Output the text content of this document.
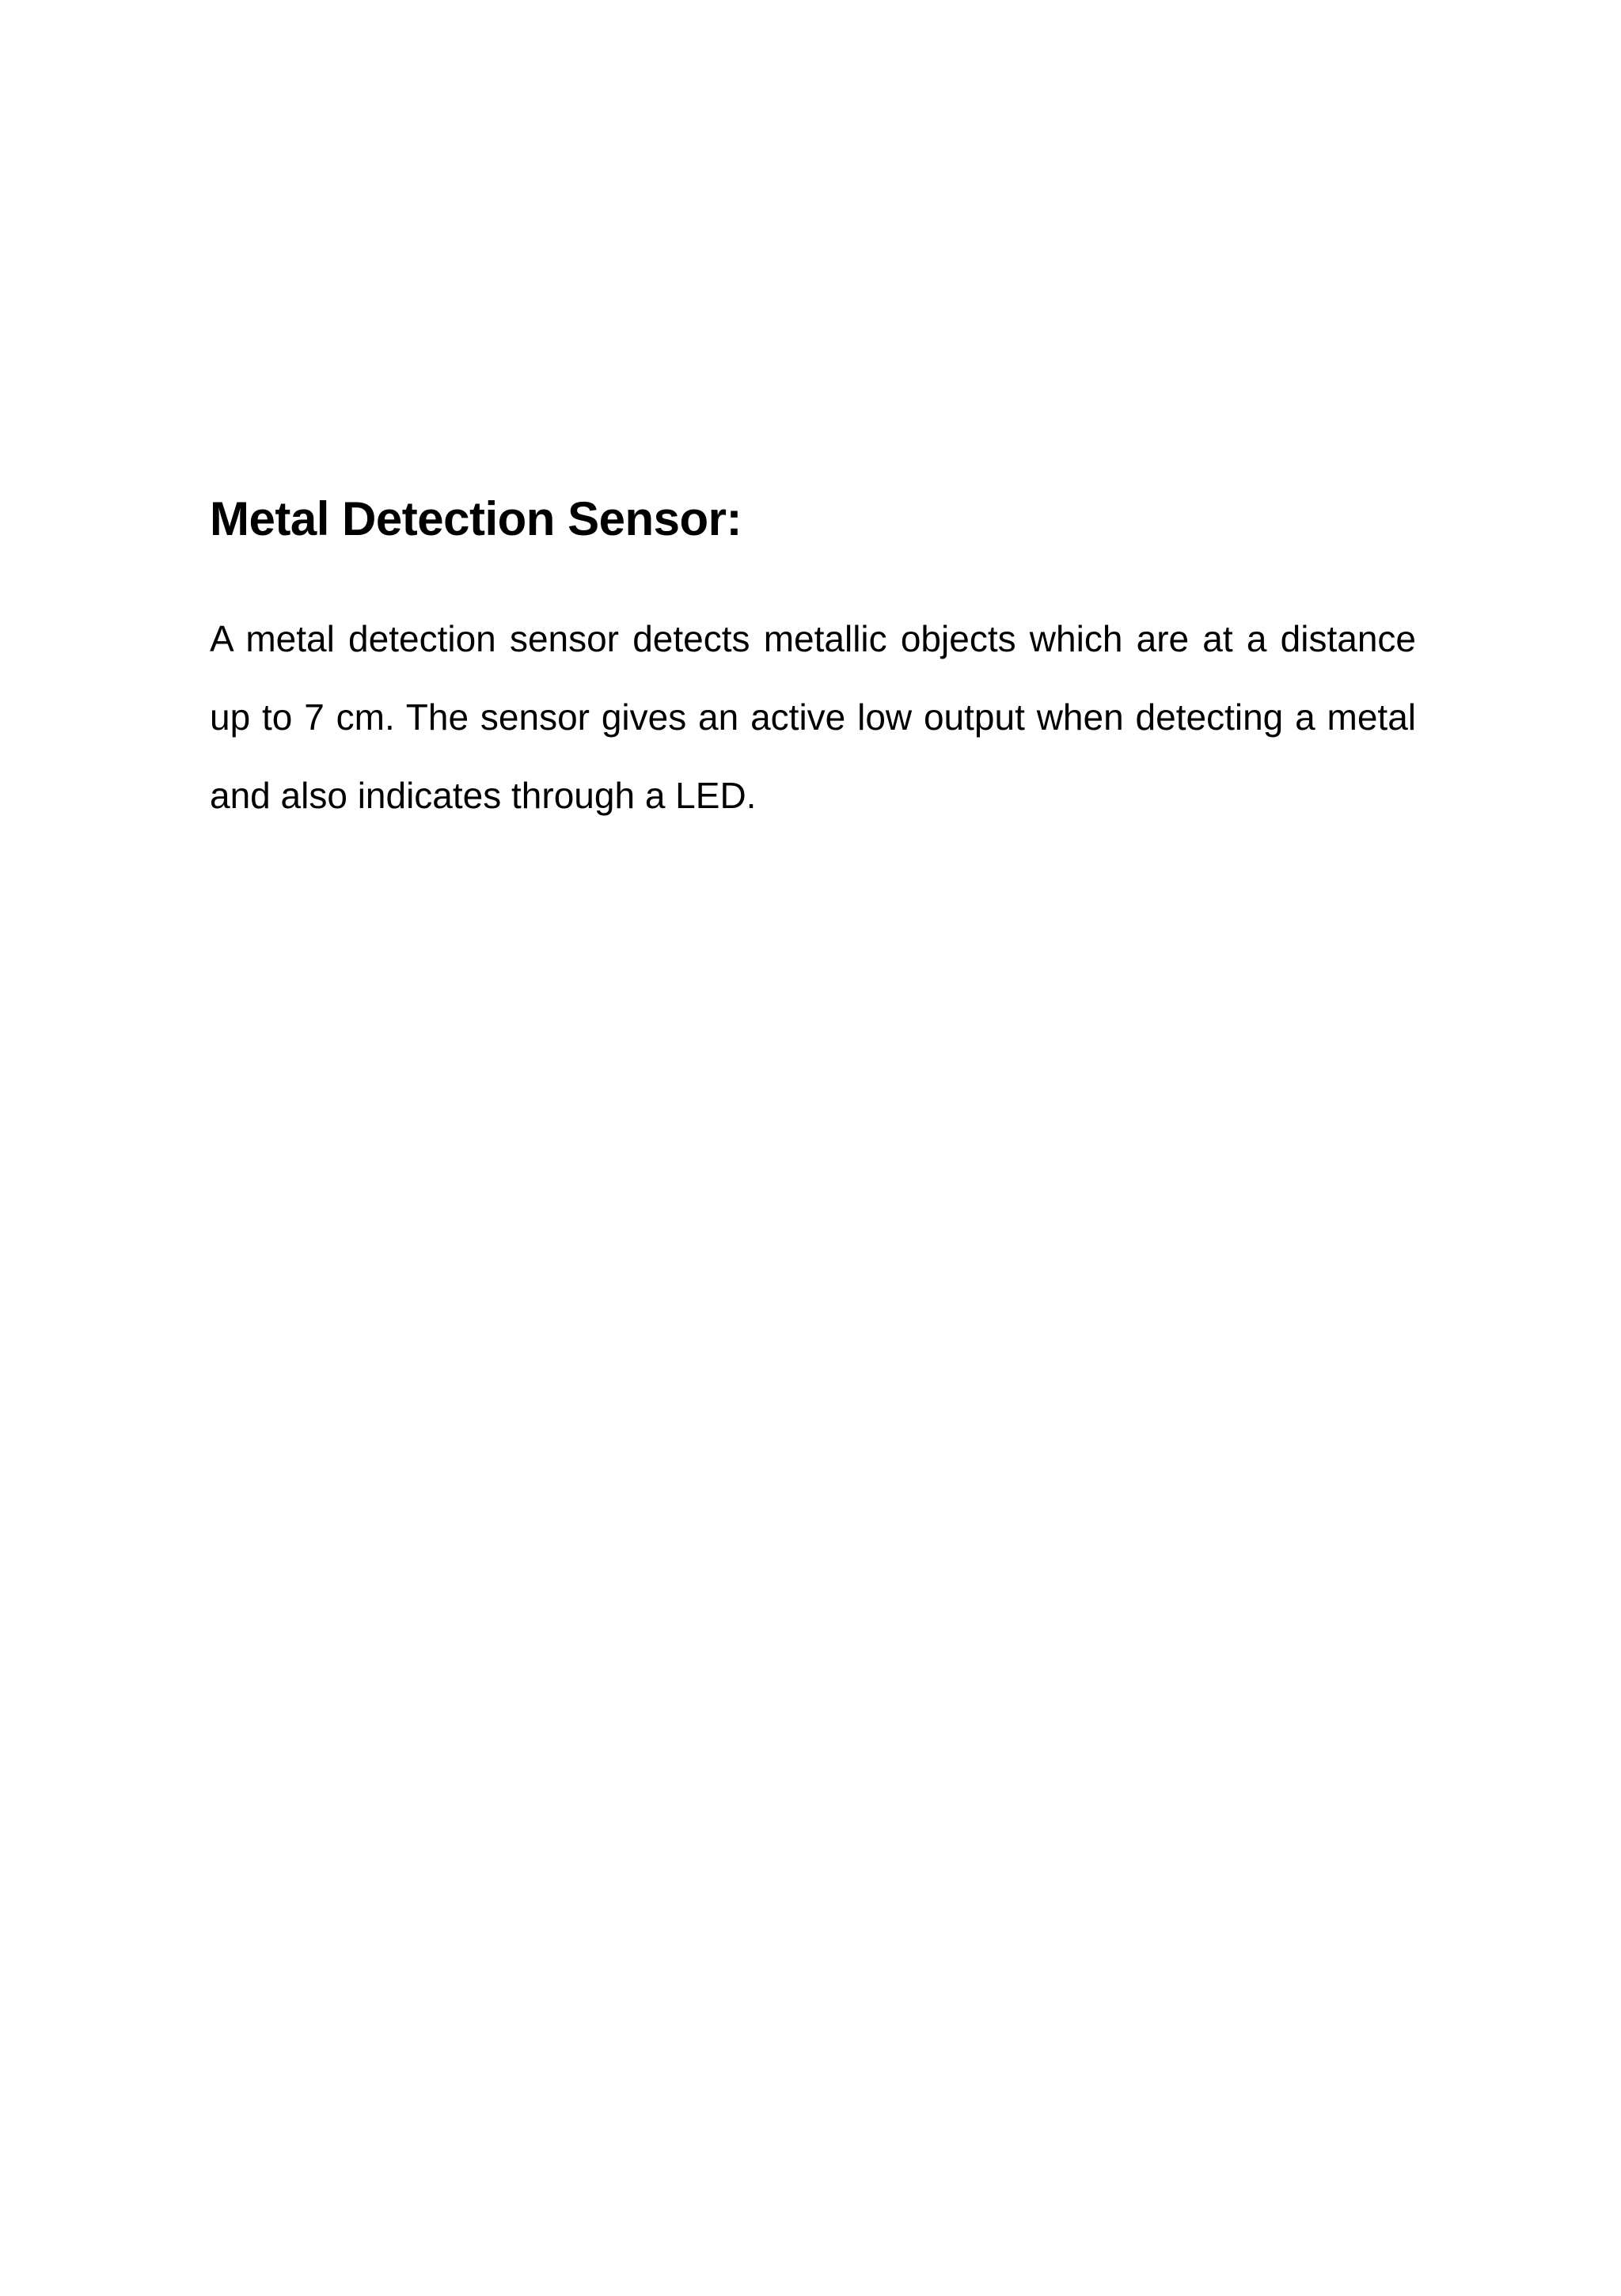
Metal Detection Sensor:

A metal detection sensor detects metallic objects which are at a distance up to 7 cm. The sensor gives an active low output when detecting a metal and also indicates through a LED.
